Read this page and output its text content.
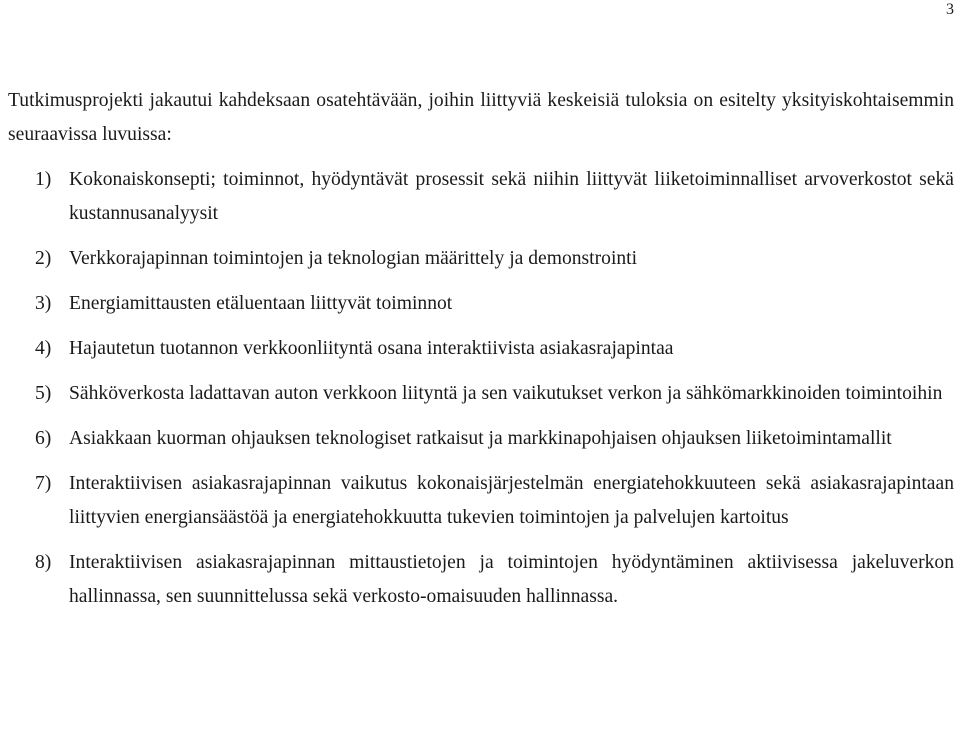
3

Tutkimusprojekti jakautui kahdeksaan osatehtävään, joihin liittyviä keskeisiä tuloksia on esitelty yksityiskohtaisemmin seuraavissa luvuissa:

1) Kokonaiskonsepti; toiminnot, hyödyntävät prosessit sekä niihin liittyvät liiketoiminnalliset arvoverkostot sekä kustannusanalyysit
2) Verkkorajapinnan toimintojen ja teknologian määrittely ja demonstrointi
3) Energiamittausten etäluentaan liittyvät toiminnot
4) Hajautetun tuotannon verkkoonliityntä osana interaktiivista asiakasrajapintaa
5) Sähköverkosta ladattavan auton verkkoon liityntä ja sen vaikutukset verkon ja sähkömarkkinoiden toimintoihin
6) Asiakkaan kuorman ohjauksen teknologiset ratkaisut ja markkinapohjaisen ohjauksen liiketoimintamallit
7) Interaktiivisen asiakasrajapinnan vaikutus kokonaisjärjestelmän energiatehokkuuteen sekä asiakasrajapintaan liittyvien energiansäästöä ja energiatehokkuutta tukevien toimintojen ja palvelujen kartoitus
8) Interaktiivisen asiakasrajapinnan mittaustietojen ja toimintojen hyödyntäminen aktiivisessa jakeluverkon hallinnassa, sen suunnittelussa sekä verkosto-omaisuuden hallinnassa.
